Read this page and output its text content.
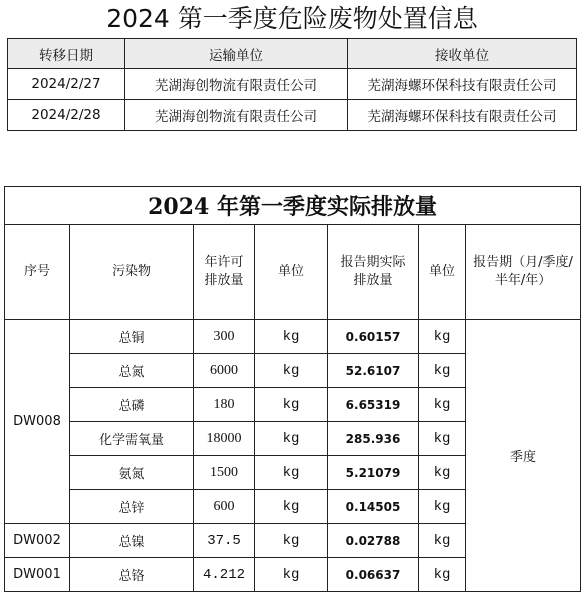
2024 第一季度危险废物处置信息
转移日期	运输单位	接收单位
2024/2/27	芜湖海创物流有限责任公司	芜湖海螺环保科技有限责任公司
2024/2/28	芜湖海创物流有限责任公司	芜湖海螺环保科技有限责任公司
2024 年第一季度实际排放量						
序号	污染物	年许可排放量	单位	报告期实际排放量	单位	报告期（月/季度/半年/年）
DW008	总铜	300	kg	0.60157	kg	季度
	总氮	6000	kg	52.6107	kg	
	总磷	180	kg	6.65319	kg	
	化学需氧量	18000	kg	285.936	kg	
	氨氮	1500	kg	5.21079	kg	
	总锌	600	kg	0.14505	kg	
DW002	总镍	37.5	kg	0.02788	kg	
DW001	总铬	4.212	kg	0.06637	kg	
